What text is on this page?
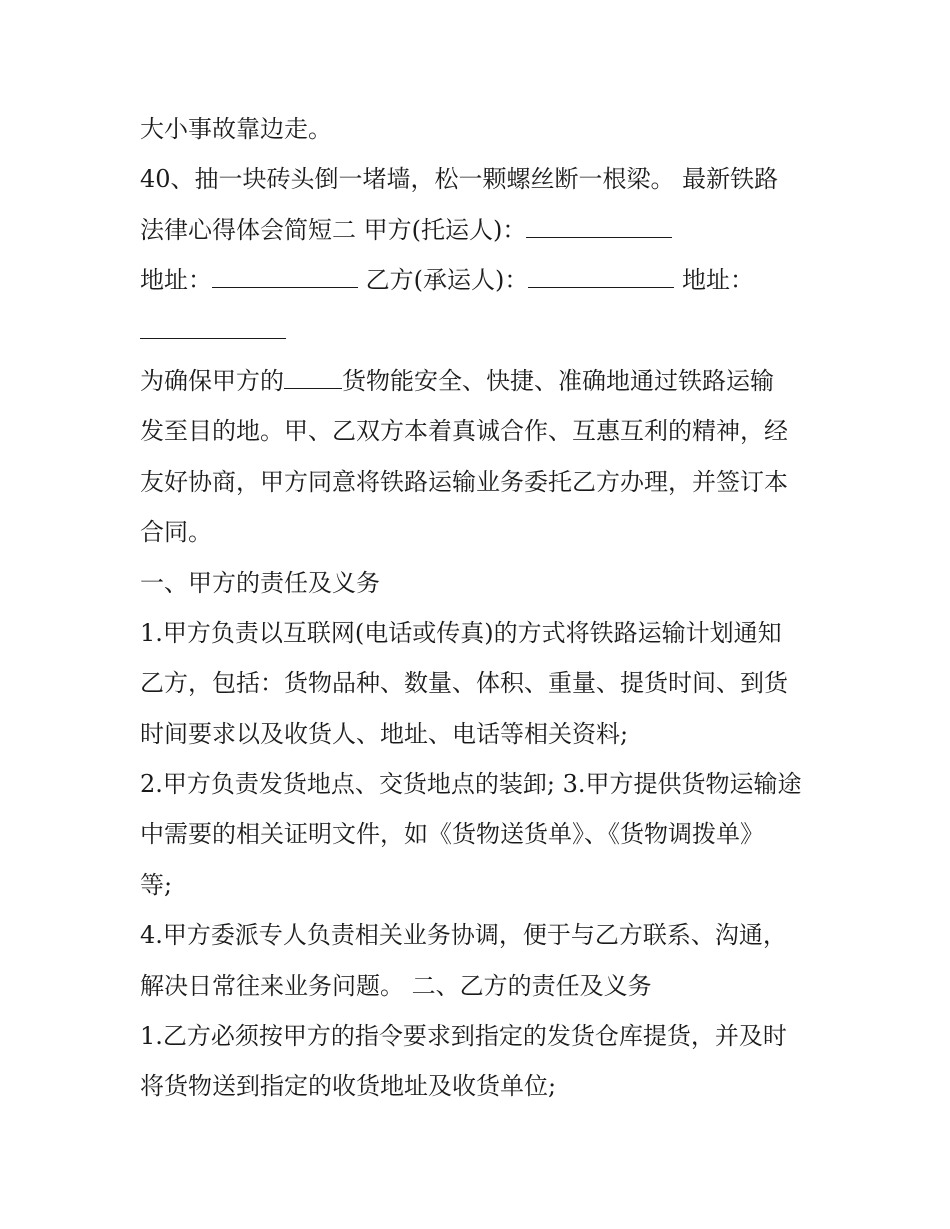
大小事故靠边走。
40、抽一块砖头倒一堵墙，松一颗螺丝断一根梁。 最新铁路
法律心得体会简短二 甲方(托运人)：
地址：	乙方(承运人)：	地址：
为确保甲方的 货物能安全、快捷、准确地通过铁路运输
发至目的地。甲、乙双方本着真诚合作、互惠互利的精神，经
友好协商，甲方同意将铁路运输业务委托乙方办理，并签订本
合同。
一、甲方的责任及义务
1.甲方负责以互联网(电话或传真)的方式将铁路运输计划通知
乙方，包括：货物品种、数量、体积、重量、提货时间、到货
时间要求以及收货人、地址、电话等相关资料;
2.甲方负责发货地点、交货地点的装卸; 3.甲方提供货物运输途
中需要的相关证明文件，如《货物送货单》、《货物调拨单》
等;
4.甲方委派专人负责相关业务协调，便于与乙方联系、沟通，
解决日常往来业务问题。 二、乙方的责任及义务
1.乙方必须按甲方的指令要求到指定的发货仓库提货，并及时
将货物送到指定的收货地址及收货单位;
